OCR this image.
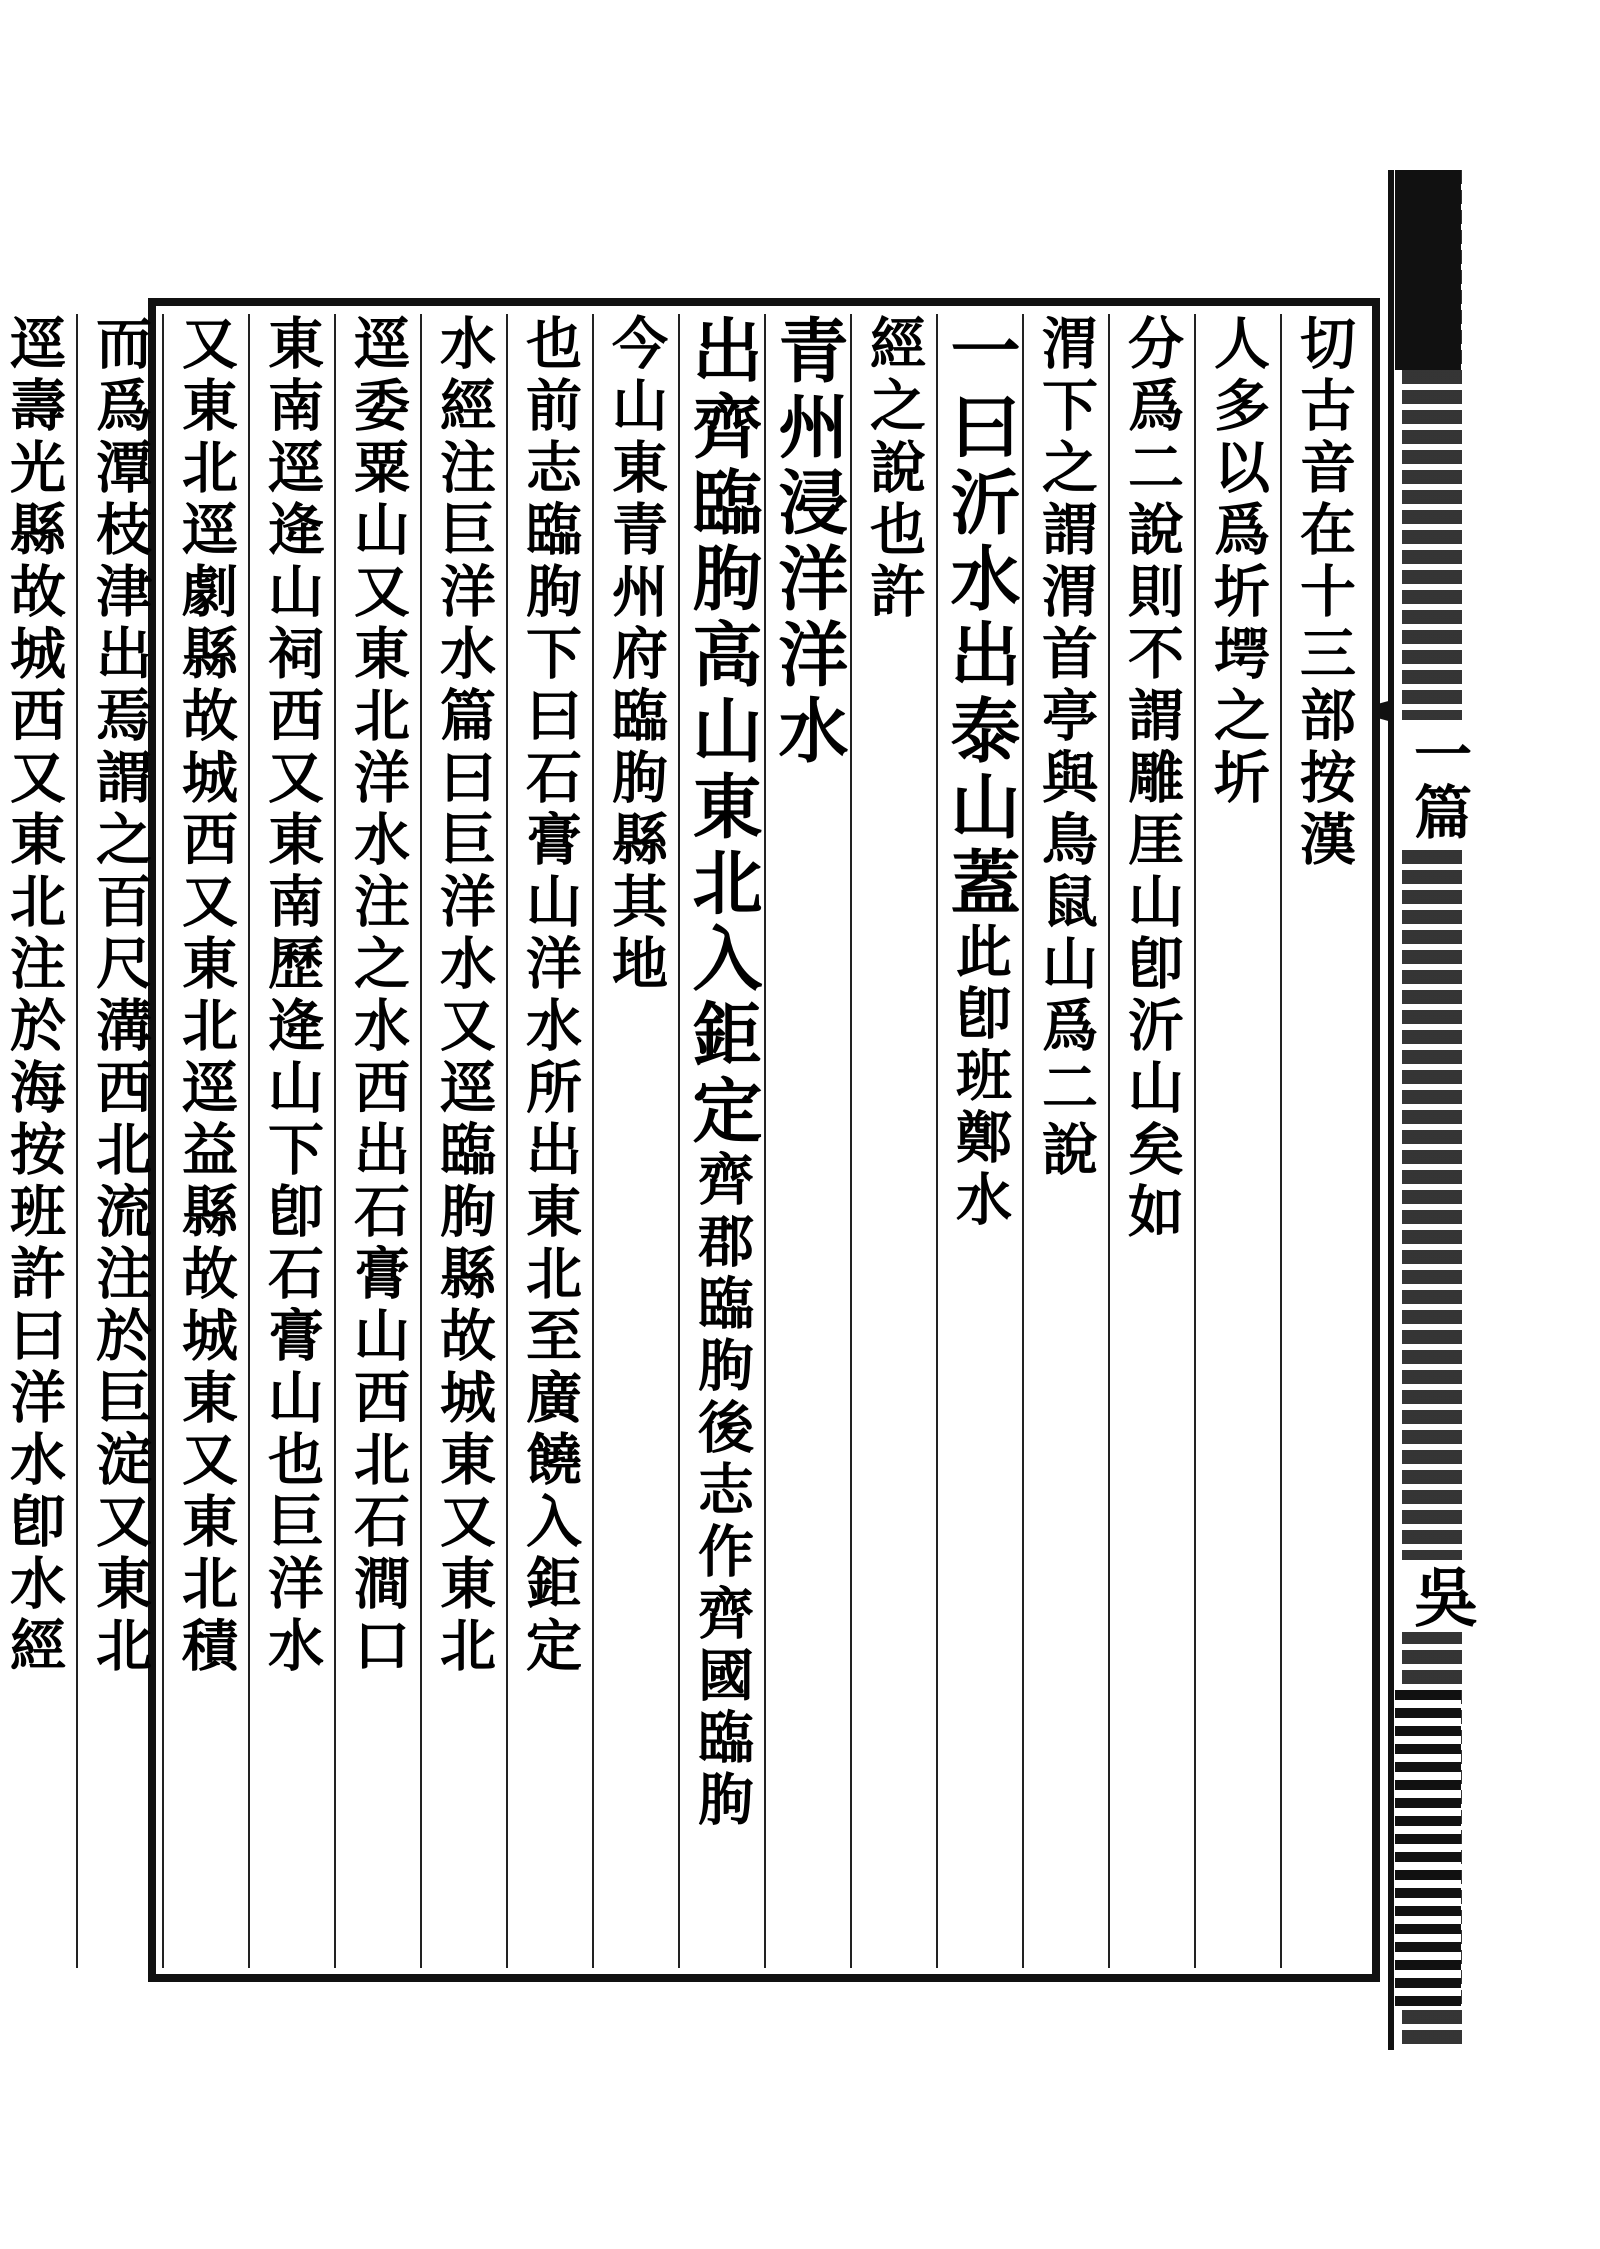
一篇
吳
切古音在十三部按漢
人多以爲圻堮之圻
分爲二說則不謂雕厓山卽沂山矣如
渭下之謂渭首亭與鳥鼠山爲二說
一曰沂水出泰山蓋此卽班鄭水
經之說也許
青州浸洋洋水
出齊臨朐高山東北入鉅定齊郡臨朐後志作齊國臨朐
今山東青州府臨朐縣其地
也前志臨朐下曰石膏山洋水所出東北至廣饒入鉅定
水經注巨洋水篇曰巨洋水又逕臨朐縣故城東又東北
逕委粟山又東北洋水注之水西出石膏山西北石澗口
東南逕逄山祠西又東南歷逄山下卽石膏山也巨洋水
又東北逕劇縣故城西又東北逕益縣故城東又東北積
而爲潭枝津出焉謂之百尺溝西北流注於巨淀又東北
逕壽光縣故城西又東北注於海按班許曰洋水卽水經
